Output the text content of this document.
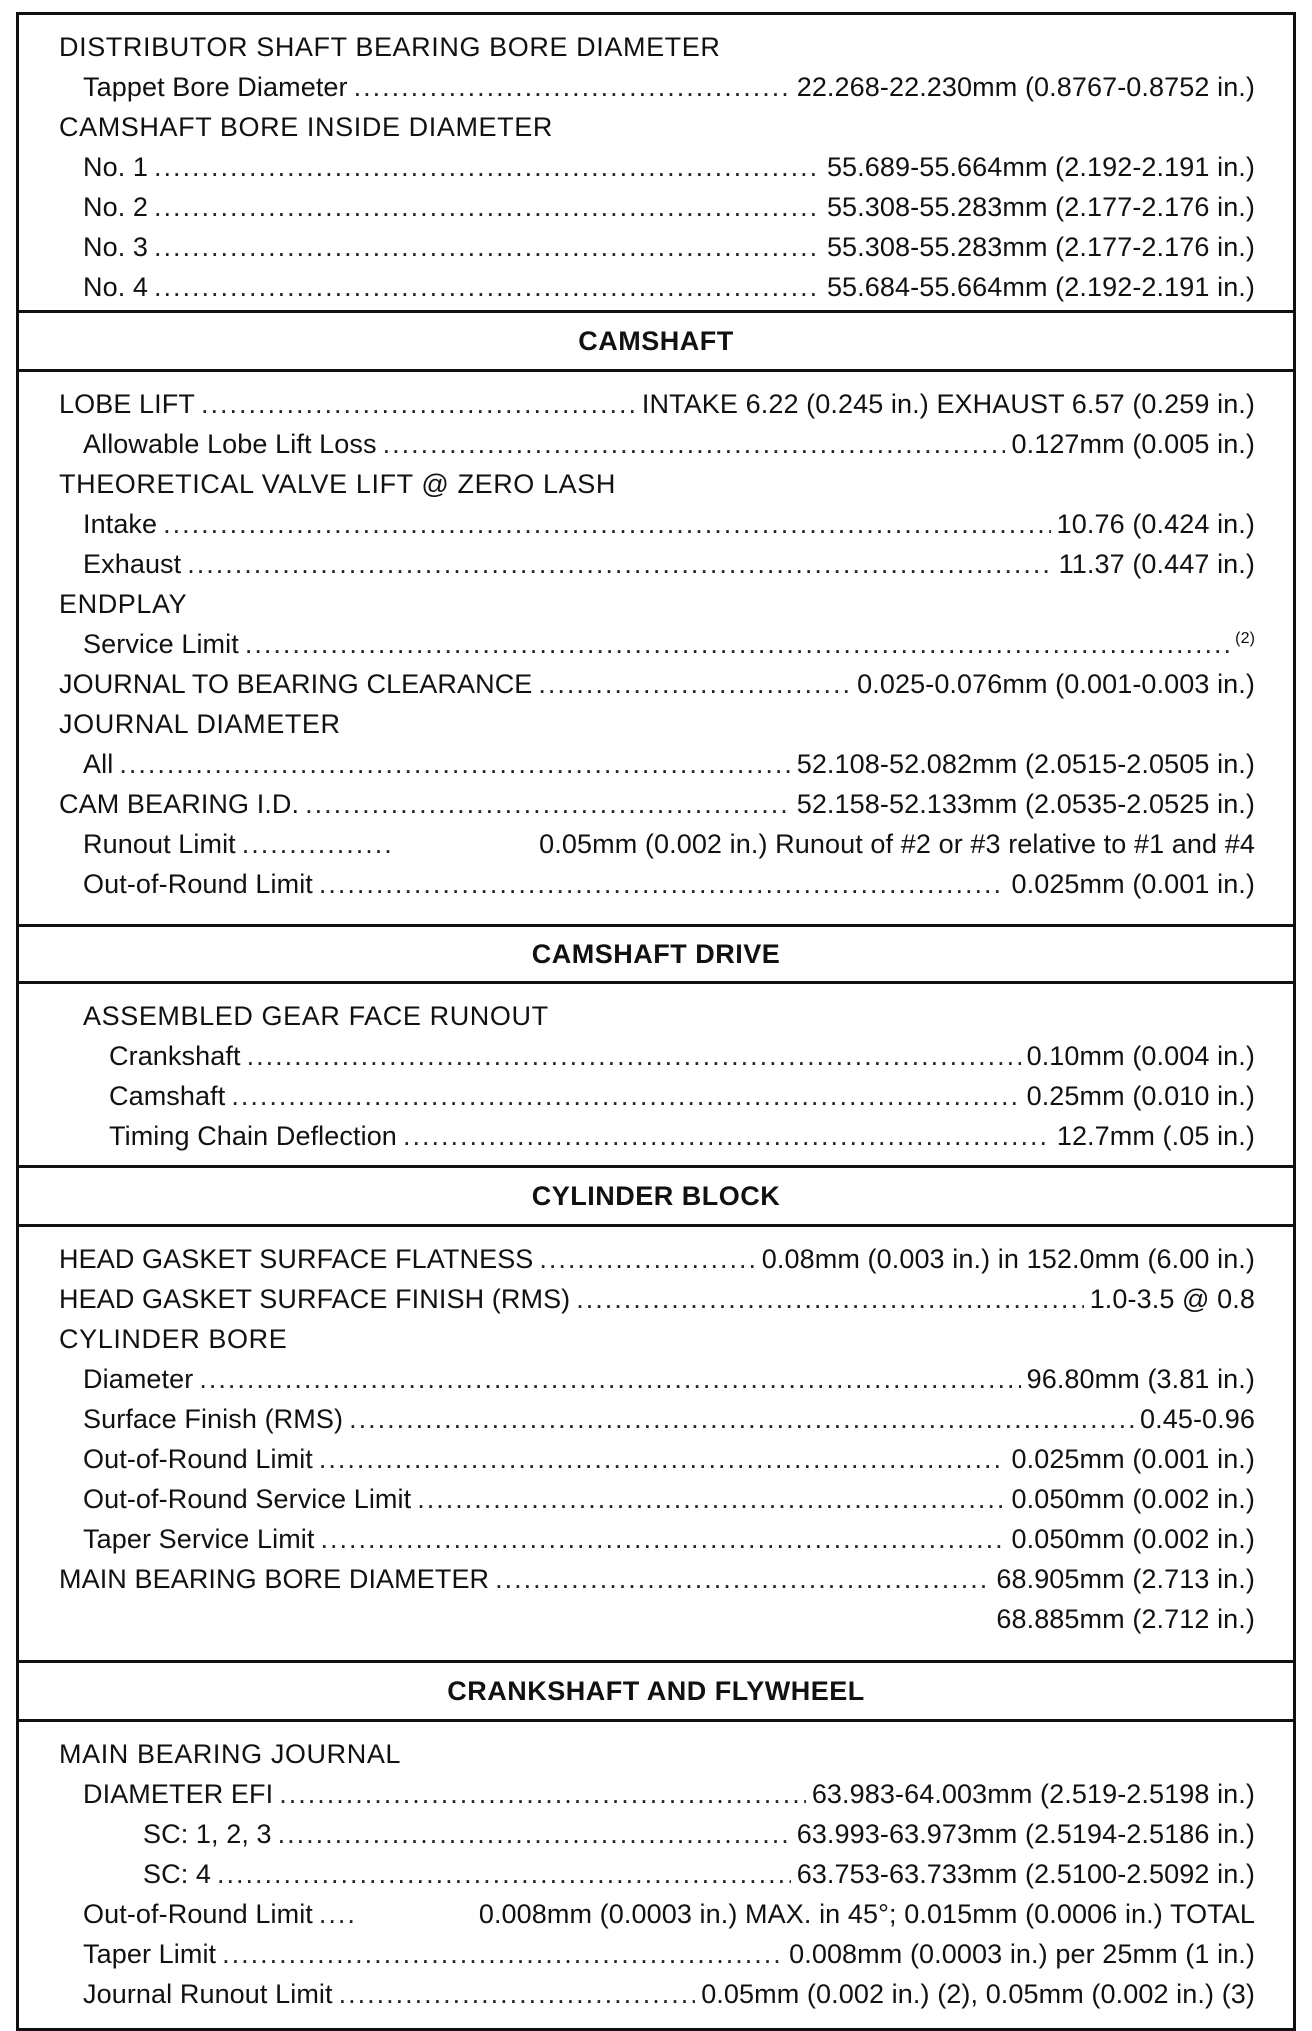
DISTRIBUTOR SHAFT BEARING BORE DIAMETER
Tappet Bore Diameter .....	22.268-22.230mm (0.8767-0.8752 in.)
CAMSHAFT BORE INSIDE DIAMETER
No. 1 .....	55.689-55.664mm (2.192-2.191 in.)
No. 2 .....	55.308-55.283mm (2.177-2.176 in.)
No. 3 .....	55.308-55.283mm (2.177-2.176 in.)
No. 4 .....	55.684-55.664mm (2.192-2.191 in.)
CAMSHAFT
LOBE LIFT .....	INTAKE 6.22 (0.245 in.) EXHAUST 6.57 (0.259 in.)
Allowable Lobe Lift Loss .....	0.127mm (0.005 in.)
THEORETICAL VALVE LIFT @ ZERO LASH
Intake .....	10.76 (0.424 in.)
Exhaust .....	11.37 (0.447 in.)
ENDPLAY
Service Limit .....	(2)
JOURNAL TO BEARING CLEARANCE .....	0.025-0.076mm (0.001-0.003 in.)
JOURNAL DIAMETER
All .....	52.108-52.082mm (2.0515-2.0505 in.)
CAM BEARING I.D. .....	52.158-52.133mm (2.0535-2.0525 in.)
Runout Limit .....	0.05mm (0.002 in.) Runout of #2 or #3 relative to #1 and #4
Out-of-Round Limit .....	0.025mm (0.001 in.)
CAMSHAFT DRIVE
ASSEMBLED GEAR FACE RUNOUT
Crankshaft .....	0.10mm (0.004 in.)
Camshaft .....	0.25mm (0.010 in.)
Timing Chain Deflection .....	12.7mm (.05 in.)
CYLINDER BLOCK
HEAD GASKET SURFACE FLATNESS .....	0.08mm (0.003 in.) in 152.0mm (6.00 in.)
HEAD GASKET SURFACE FINISH (RMS) .....	1.0-3.5 @ 0.8
CYLINDER BORE
Diameter .....	96.80mm (3.81 in.)
Surface Finish (RMS) .....	0.45-0.96
Out-of-Round Limit .....	0.025mm (0.001 in.)
Out-of-Round Service Limit .....	0.050mm (0.002 in.)
Taper Service Limit .....	0.050mm (0.002 in.)
MAIN BEARING BORE DIAMETER .....	68.905mm (2.713 in.)
68.885mm (2.712 in.)
CRANKSHAFT AND FLYWHEEL
MAIN BEARING JOURNAL
DIAMETER EFI .....	63.983-64.003mm (2.519-2.5198 in.)
SC: 1, 2, 3 .....	63.993-63.973mm (2.5194-2.5186 in.)
SC: 4 .....	63.753-63.733mm (2.5100-2.5092 in.)
Out-of-Round Limit .....	0.008mm (0.0003 in.) MAX. in 45°; 0.015mm (0.0006 in.) TOTAL
Taper Limit .....	0.008mm (0.0003 in.) per 25mm (1 in.)
Journal Runout Limit .....	0.05mm (0.002 in.) (2), 0.05mm (0.002 in.) (3)
